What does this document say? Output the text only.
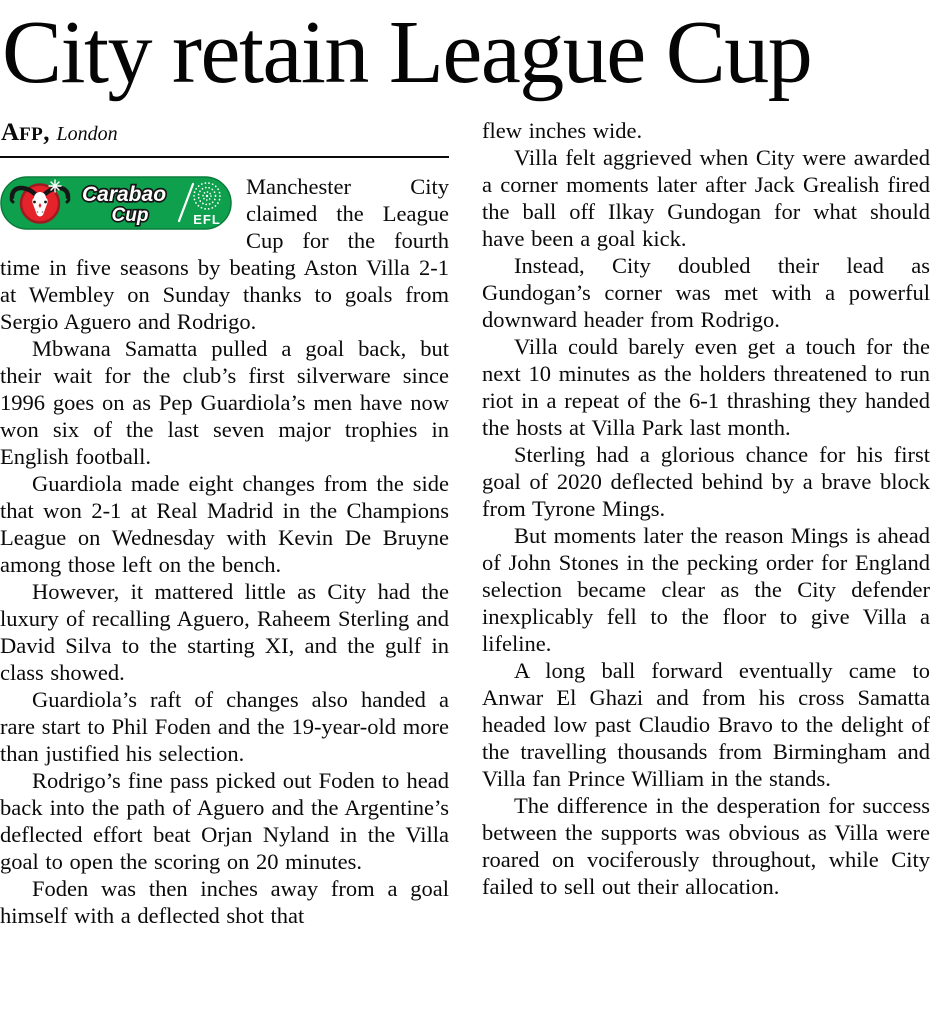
City retain League Cup
AFP, London
Carabao
Cup	EFL

Manchester City claimed the League Cup for the fourth time in five seasons by beating Aston Villa 2-1 at Wembley on Sunday thanks to goals from Sergio Aguero and Rodrigo.

Mbwana Samatta pulled a goal back, but their wait for the club’s first silverware since 1996 goes on as Pep Guardiola’s men have now won six of the last seven major trophies in English football.

Guardiola made eight changes from the side that won 2-1 at Real Madrid in the Champions League on Wednesday with Kevin De Bruyne among those left on the bench.

However, it mattered little as City had the luxury of recalling Aguero, Raheem Sterling and David Silva to the starting XI, and the gulf in class showed.

Guardiola’s raft of changes also handed a rare start to Phil Foden and the 19-year-old more than justified his selection.

Rodrigo’s fine pass picked out Foden to head back into the path of Aguero and the Argentine’s deflected effort beat Orjan Nyland in the Villa goal to open the scoring on 20 minutes.

Foden was then inches away from a goal himself with a deflected shot that

flew inches wide.

Villa felt aggrieved when City were awarded a corner moments later after Jack Grealish fired the ball off Ilkay Gundogan for what should have been a goal kick.

Instead, City doubled their lead as Gundogan’s corner was met with a powerful downward header from Rodrigo.

Villa could barely even get a touch for the next 10 minutes as the holders threatened to run riot in a repeat of the 6-1 thrashing they handed the hosts at Villa Park last month.

Sterling had a glorious chance for his first goal of 2020 deflected behind by a brave block from Tyrone Mings.

But moments later the reason Mings is ahead of John Stones in the pecking order for England selection became clear as the City defender inexplicably fell to the floor to give Villa a lifeline.

A long ball forward eventually came to Anwar El Ghazi and from his cross Samatta headed low past Claudio Bravo to the delight of the travelling thousands from Birmingham and Villa fan Prince William in the stands.

The difference in the desperation for success between the supports was obvious as Villa were roared on vociferously throughout, while City failed to sell out their allocation.
